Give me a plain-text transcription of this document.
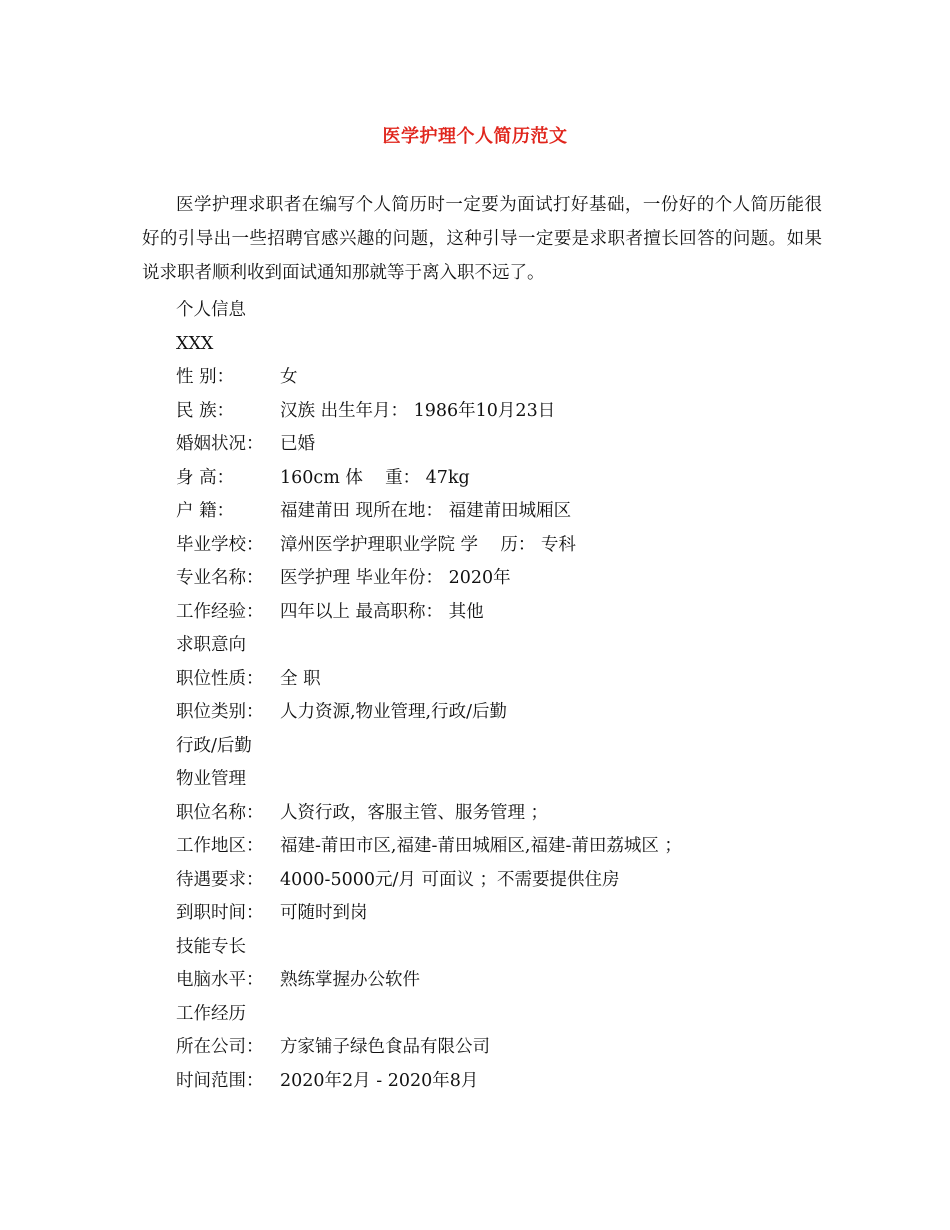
医学护理个人简历范文

医学护理求职者在编写个人简历时一定要为面试打好基础，一份好的个人简历能很好的引导出一些招聘官感兴趣的问题，这种引导一定要是求职者擅长回答的问题。如果说求职者顺利收到面试通知那就等于离入职不远了。

个人信息
XXX
性 别：	女
民 族：	汉族 出生年月： 1986年10月23日
婚姻状况： 已婚
身 高：	160cm 体    重： 47kg
户 籍：	福建莆田 现所在地： 福建莆田城厢区
毕业学校： 漳州医学护理职业学院 学    历： 专科
专业名称： 医学护理 毕业年份： 2020年
工作经验： 四年以上 最高职称： 其他
求职意向
职位性质： 全 职
职位类别： 人力资源,物业管理,行政/后勤
行政/后勤
物业管理
职位名称： 人资行政，客服主管、服务管理 ；
工作地区： 福建-莆田市区,福建-莆田城厢区,福建-莆田荔城区 ；
待遇要求： 4000-5000元/月 可面议 ；不需要提供住房
到职时间： 可随时到岗
技能专长
电脑水平： 熟练掌握办公软件
工作经历
所在公司： 方家铺子绿色食品有限公司
时间范围： 2020年2月 - 2020年8月
